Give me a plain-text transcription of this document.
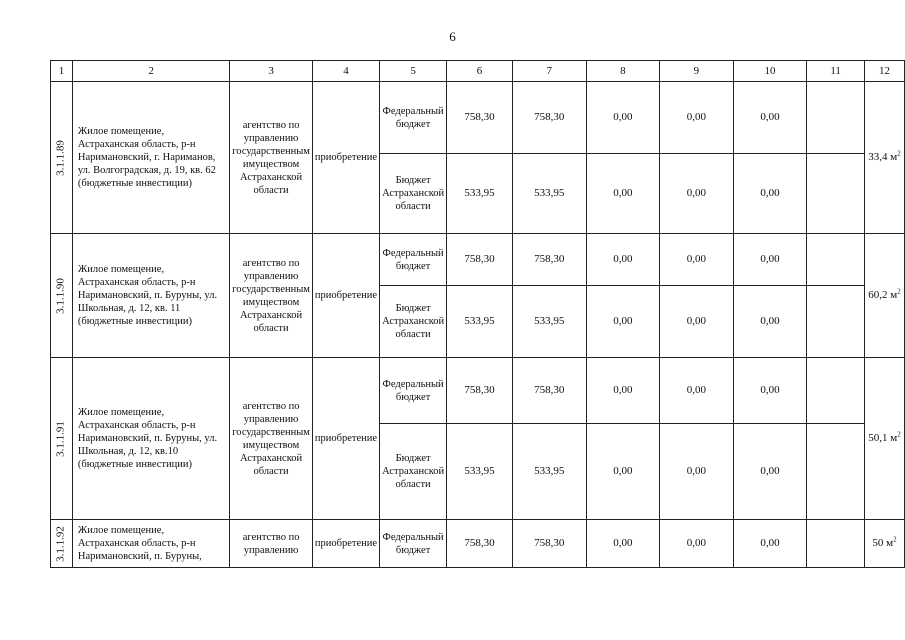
6
1	2	3	4	5	6	7	8	9	10	11	12

3.1.1.89	Жилое помещение, Астраханская область, р-н Наримановский, г. Нариманов, ул. Волгоградская, д. 19, кв. 62 (бюджетные инвестиции)	агентство по управлению государственным имуществом Астраханской области	приобретение	Федеральный бюджет	758,30	758,30	0,00	0,00	0,00		33,4 $м^2$
				Бюджет Астраханской области	533,95	533,95	0,00	0,00	0,00		

3.1.1.90	Жилое помещение, Астраханская область, р-н Наримановский, п. Буруны, ул. Школьная, д. 12, кв. 11 (бюджетные инвестиции)	агентство по управлению государственным имуществом Астраханской области	приобретение	Федеральный бюджет	758,30	758,30	0,00	0,00	0,00		60,2 $м^2$
				Бюджет Астраханской области	533,95	533,95	0,00	0,00	0,00		

3.1.1.91	Жилое помещение, Астраханская область, р-н Наримановский, п. Буруны, ул. Школьная, д. 12, кв.10 (бюджетные инвестиции)	агентство по управлению государственным имуществом Астраханской области	приобретение	Федеральный бюджет	758,30	758,30	0,00	0,00	0,00		50,1 $м^2$
				Бюджет Астраханской области	533,95	533,95	0,00	0,00	0,00		

3.1.1.92	Жилое помещение, Астраханская область, р-н Наримановский, п. Буруны,	агентство по управлению	приобретение	Федеральный бюджет	758,30	758,30	0,00	0,00	0,00		50 $м^2$
